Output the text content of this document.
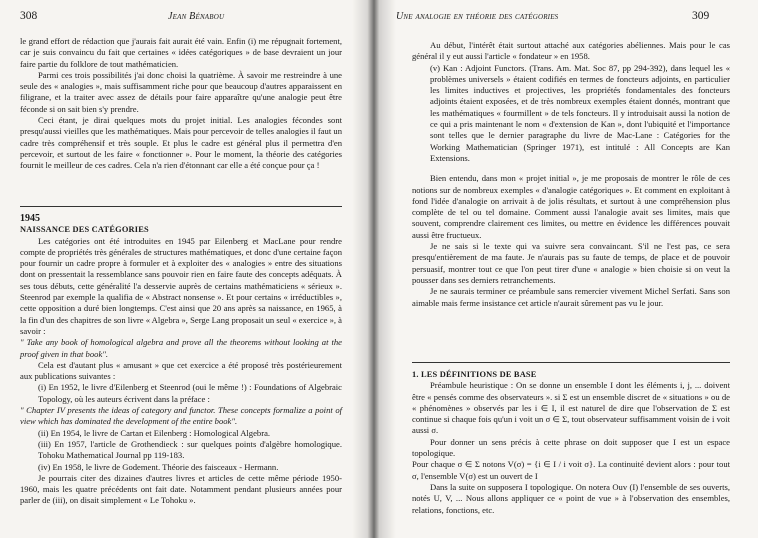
308	Jean Bénabou

le grand effort de rédaction que j'aurais fait aurait été vain. Enfin (i) me répugnait fortement, car je suis convaincu du fait que certaines « idées catégoriques » de base devraient un jour faire partie du folklore de tout mathématicien.

Parmi ces trois possibilités j'ai donc choisi la quatrième. À savoir me restreindre à une seule des « analogies », mais suffisamment riche pour que beaucoup d'autres apparaissent en filigrane, et la traiter avec assez de détails pour faire apparaître qu'une analogie peut être féconde si on sait bien s'y prendre.

Ceci étant, je dirai quelques mots du projet initial. Les analogies fécondes sont presqu'aussi vieilles que les mathématiques. Mais pour percevoir de telles analogies il faut un cadre très compréhensif et très souple. Et plus le cadre est général plus il permettra d'en percevoir, et surtout de les faire « fonctionner ». Pour le moment, la théorie des catégories fournit le meilleur de ces cadres. Cela n'a rien d'étonnant car elle a été conçue pour ça !

1945

NAISSANCE DES CATÉGORIES

Les catégories ont été introduites en 1945 par Eilenberg et MacLane pour rendre compte de propriétés très générales de structures mathématiques, et donc d'une certaine façon pour fournir un cadre propre à formuler et à exploiter des « analogies » entre des situations dont on pressentait la ressemblance sans pouvoir rien en faire faute des concepts adéquats. À ses tous débuts, cette généralité l'a desservie auprès de certains mathématiciens « sérieux ». Steenrod par exemple la qualifia de « Abstract nonsense ». Et pour certains « irréductibles », cette opposition a duré bien longtemps. C'est ainsi que 20 ans après sa naissance, en 1965, à la fin d'un des chapitres de son livre « Algebra », Serge Lang proposait un seul « exercice », à savoir :

" Take any book of homological algebra and prove all the theorems without looking at the proof given in that book".

Cela est d'autant plus « amusant » que cet exercice a été proposé très postérieurement aux publications suivantes :

(i) En 1952, le livre d'Eilenberg et Steenrod (oui le même !) : Foundations of Algebraic Topology, où les auteurs écrivent dans la préface :

" Chapter IV presents the ideas of category and functor. These concepts formalize a point of view which has dominated the development of the entire book".

(ii) En 1954, le livre de Cartan et Eilenberg : Homological Algebra.

(iii) En 1957, l'article de Grothendieck : sur quelques points d'algèbre homologique. Tohoku Mathematical Journal pp 119-183.

(iv) En 1958, le livre de Godement. Théorie des faisceaux - Hermann.

Je pourrais citer des dizaines d'autres livres et articles de cette même période 1950-1960, mais les quatre précédents ont fait date. Notamment pendant plusieurs années pour parler de (iii), on disait simplement « Le Tohoku ».

Une analogie en théorie des catégories	309

Au début, l'intérêt était surtout attaché aux catégories abéliennes. Mais pour le cas général il y eut aussi l'article « fondateur » en 1958.

(v) Kan : Adjoint Functors. (Trans. Am. Mat. Soc 87, pp 294-392), dans lequel les « problèmes universels » étaient codifiés en termes de foncteurs adjoints, en particulier les limites inductives et projectives, les propriétés fondamentales des foncteurs adjoints étaient exposées, et de très nombreux exemples étaient donnés, montrant que les mathématiques « fourmillent » de tels foncteurs. Il y introduisait aussi la notion de ce qui a pris maintenant le nom « d'extension de Kan », dont l'ubiquité et l'importance sont telles que le dernier paragraphe du livre de Mac-Lane : Catégories for the Working Mathematician (Springer 1971), est intitulé : All Concepts are Kan Extensions.

Bien entendu, dans mon « projet initial », je me proposais de montrer le rôle de ces notions sur de nombreux exemples « d'analogie catégoriques ». Et comment en exploitant à fond l'idée d'analogie on arrivait à de jolis résultats, et surtout à une compréhension plus complète de tel ou tel domaine. Comment aussi l'analogie avait ses limites, mais que souvent, comprendre clairement ces limites, ou mettre en évidence les différences pouvait aussi être fructueux.

Je ne sais si le texte qui va suivre sera convaincant. S'il ne l'est pas, ce sera presqu'entièrement de ma faute. Je n'aurais pas su faute de temps, de place et de pouvoir persuasif, montrer tout ce que l'on peut tirer d'une « analogie » bien choisie si on veut la pousser dans ses derniers retranchements.

Je ne saurais terminer ce préambule sans remercier vivement Michel Serfati. Sans son aimable mais ferme insistance cet article n'aurait sûrement pas vu le jour.

1. LES DÉFINITIONS DE BASE

Préambule heuristique : On se donne un ensemble I dont les éléments i, j, ... doivent être « pensés comme des observateurs ». si Σ est un ensemble discret de « situations » ou de « phénomènes » observés par les i ∈ I, il est naturel de dire que l'observation de Σ est continue si chaque fois qu'un i voit un σ ∈ Σ, tout observateur suffisamment voisin de i voit aussi σ.

Pour donner un sens précis à cette phrase on doit supposer que I est un espace topologique.

Pour chaque σ ∈ Σ notons V(σ) = {i ∈ I / i voit σ}. La continuité devient alors : pour tout σ, l'ensemble V(σ) est un ouvert de I

Dans la suite on supposera I topologique. On notera Ouv (I) l'ensemble de ses ouverts, notés U, V, ... Nous allons appliquer ce « point de vue » à l'observation des ensembles, relations, fonctions, etc.
